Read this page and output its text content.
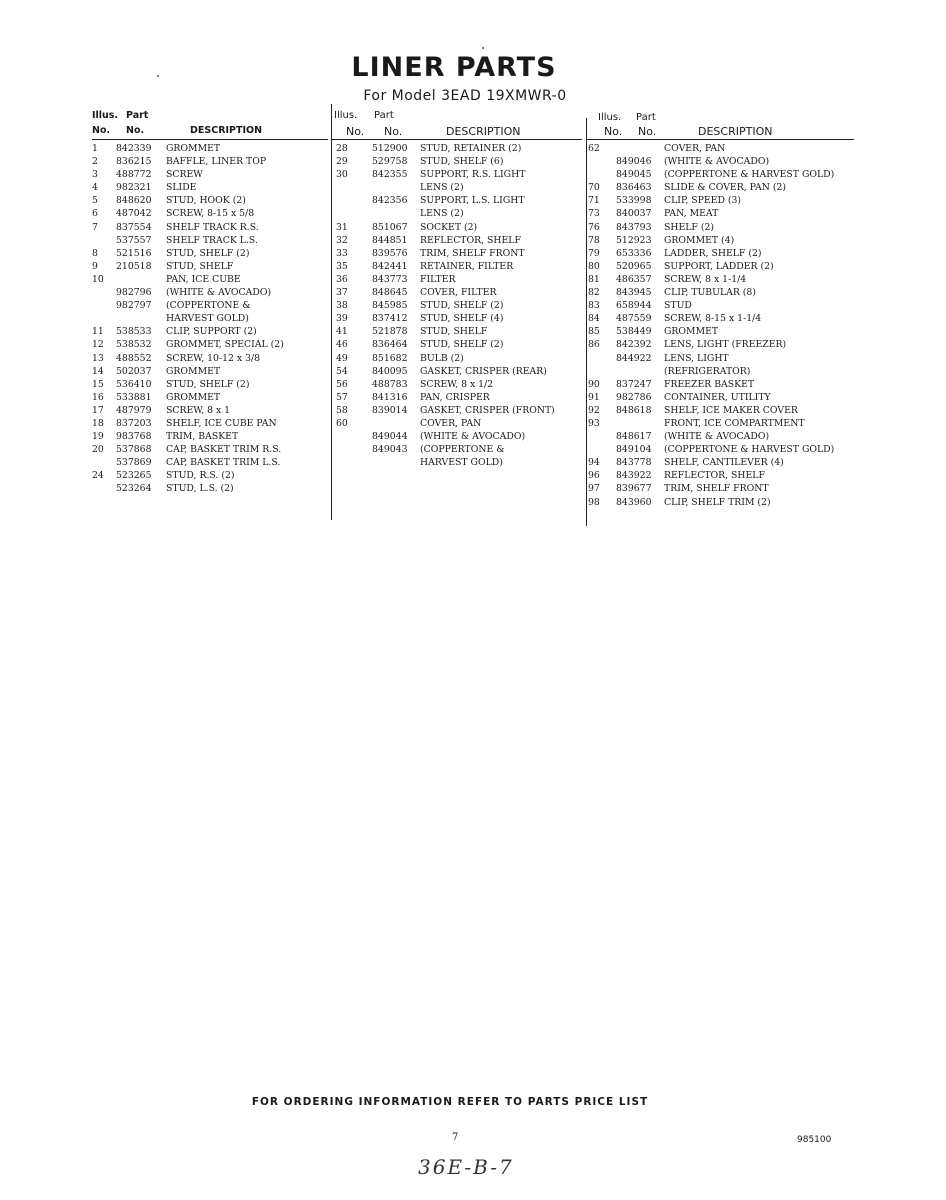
LINER PARTS
For Model 3EAD 19XMWR-0
Illus. Part
No. No.	DESCRIPTION
1 842339 GROMMET
2 836215 BAFFLE, LINER TOP
3 488772 SCREW
4 982321 SLIDE
5 848620 STUD, HOOK (2)
6 487042 SCREW, 8-15 x 5/8
7 837554 SHELF TRACK R.S.
537557 SHELF TRACK L.S.
8 521516 STUD, SHELF (2)
9 210518 STUD, SHELF
10	PAN, ICE CUBE
982796 (WHITE & AVOCADO)
982797 (COPPERTONE &
HARVEST GOLD)
11 538533 CLIP, SUPPORT (2)
12 538532 GROMMET, SPECIAL (2)
13 488552 SCREW, 10-12 x 3/8
14 502037 GROMMET
15 536410 STUD, SHELF (2)
16 533881 GROMMET
17 487979 SCREW, 8 x 1
18 837203 SHELF, ICE CUBE PAN
19 983768 TRIM, BASKET
20 537868 CAP, BASKET TRIM R.S.
537869 CAP, BASKET TRIM L.S.
24 523265 STUD, R.S. (2)
523264 STUD, L.S. (2)
Illus. Part
No. No.	DESCRIPTION
28	512900 STUD, RETAINER (2)
29	529758 STUD, SHELF (6)
30	842355 SUPPORT, R.S. LIGHT
LENS (2)
842356 SUPPORT, L.S. LIGHT
LENS (2)
31	851067 SOCKET (2)
32	844851 REFLECTOR, SHELF
33	839576 TRIM, SHELF FRONT
35	842441 RETAINER, FILTER
36	843773 FILTER
37	848645 COVER, FILTER
38	845985 STUD, SHELF (2)
39	837412 STUD, SHELF (4)
41	521878 STUD, SHELF
46	836464 STUD, SHELF (2)
49	851682 BULB (2)
54	840095 GASKET, CRISPER (REAR)
56	488783 SCREW, 8 x 1/2
57	841316 PAN, CRISPER
58	839014 GASKET, CRISPER (FRONT)
60	COVER, PAN
849044 (WHITE & AVOCADO)
849043 (COPPERTONE &
HARVEST GOLD)
Illus. Part
No. No.	DESCRIPTION
62	COVER, PAN
849046 (WHITE & AVOCADO)
849045 (COPPERTONE & HARVEST GOLD)
70 836463 SLIDE & COVER, PAN (2)
71 533998 CLIP, SPEED (3)
73 840037 PAN, MEAT
76 843793 SHELF (2)
78 512923 GROMMET (4)
79 653336 LADDER, SHELF (2)
80 520965 SUPPORT, LADDER (2)
81 486357 SCREW, 8 x 1-1/4
82 843945 CLIP, TUBULAR (8)
83 658944 STUD
84 487559 SCREW, 8-15 x 1-1/4
85 538449 GROMMET
86 842392 LENS, LIGHT (FREEZER)
844922 LENS, LIGHT
(REFRIGERATOR)
90 837247 FREEZER BASKET
91 982786 CONTAINER, UTILITY
92 848618 SHELF, ICE MAKER COVER
93	FRONT, ICE COMPARTMENT
848617 (WHITE & AVOCADO)
849104 (COPPERTONE & HARVEST GOLD)
94 843778 SHELF, CANTILEVER (4)
96 843922 REFLECTOR, SHELF
97 839677 TRIM, SHELF FRONT
98 843960 CLIP, SHELF TRIM (2)
FOR ORDERING INFORMATION REFER TO PARTS PRICE LIST
7	985100
36E-B-7
